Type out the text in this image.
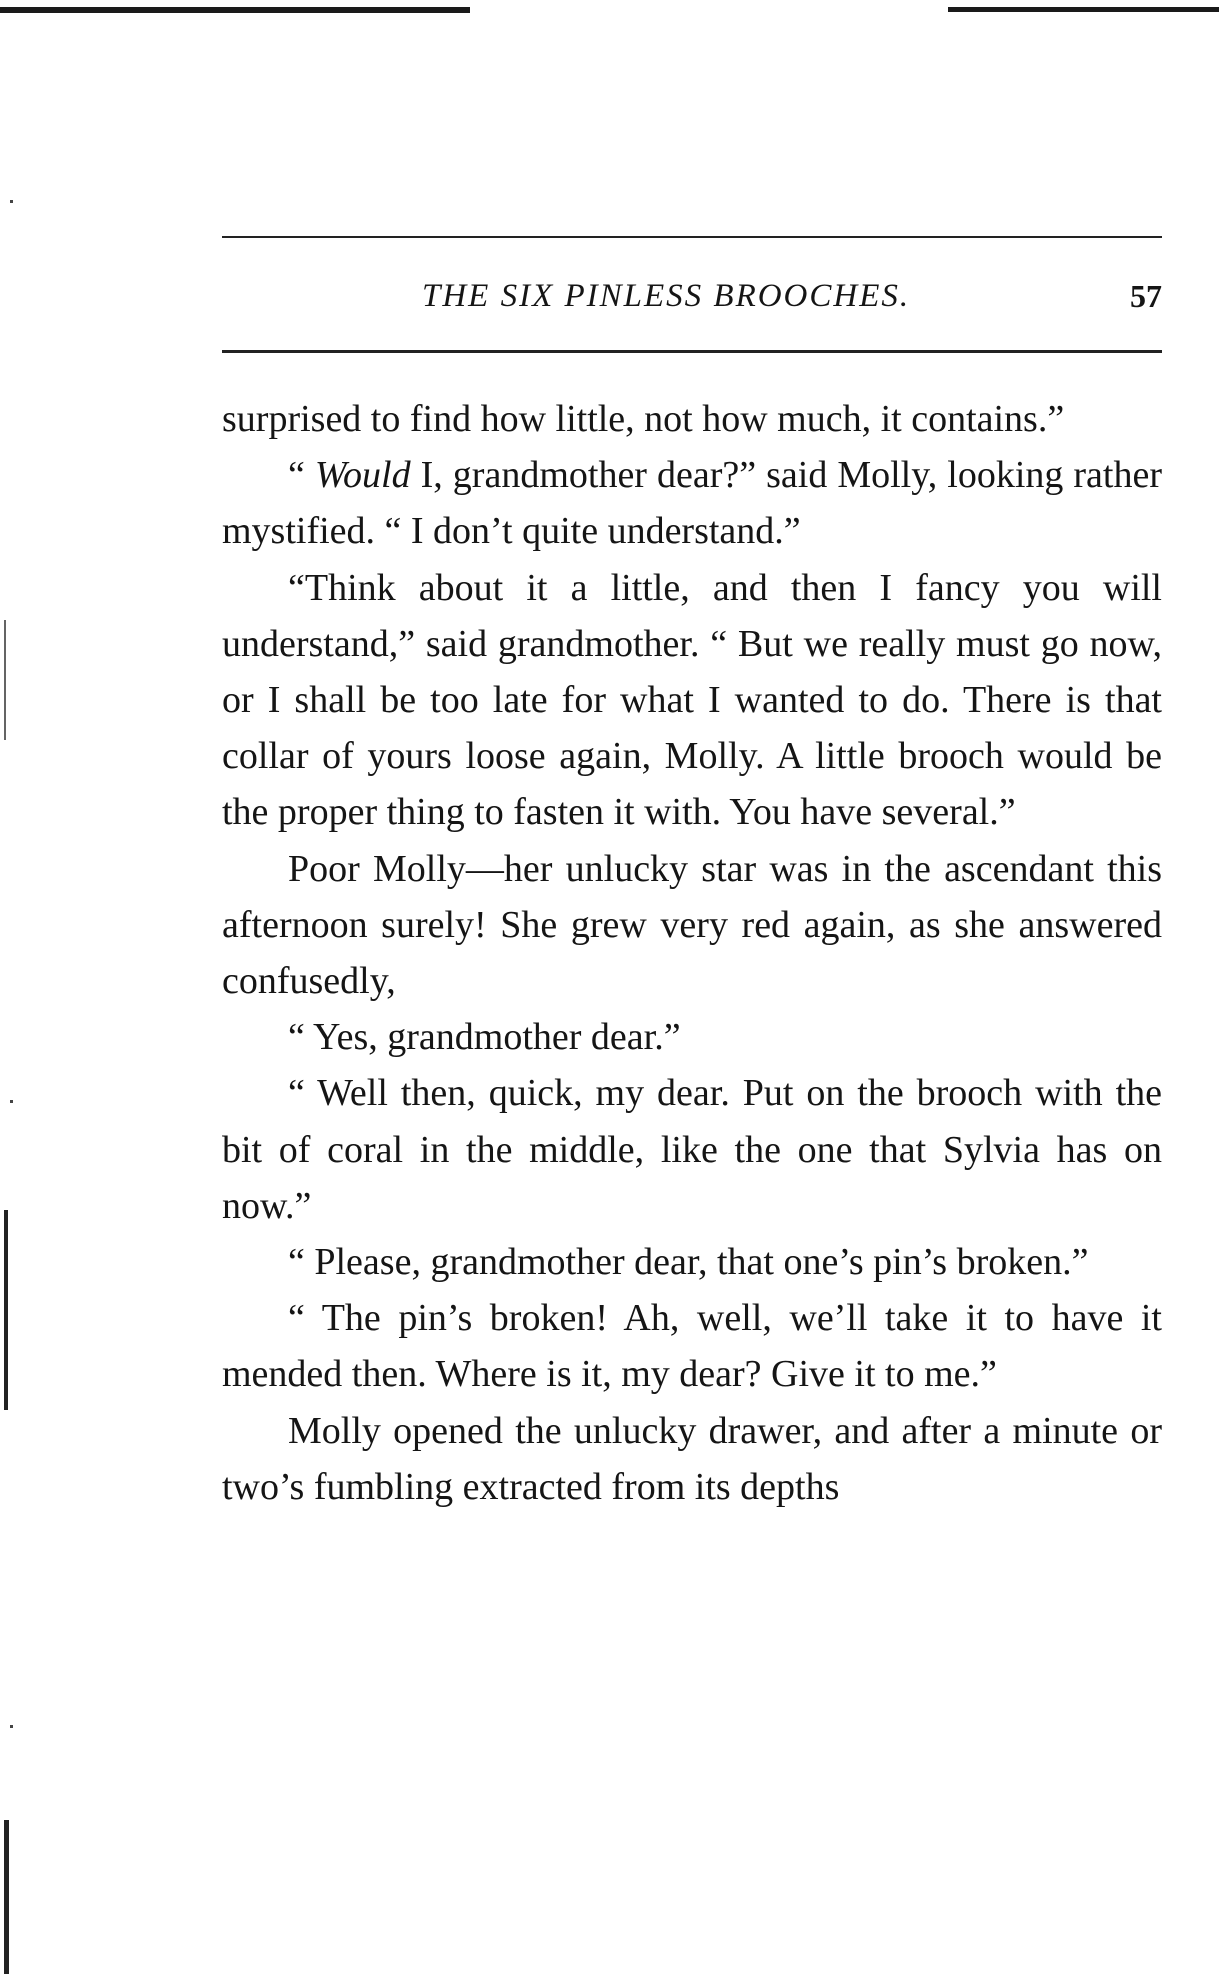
THE SIX PINLESS BROOCHES.	57

surprised to find how little, not how much, it contains.”

“ Would I, grandmother dear?” said Molly, looking rather mystified. “ I don’t quite understand.”

“Think about it a little, and then I fancy you will understand,” said grandmother. “ But we really must go now, or I shall be too late for what I wanted to do. There is that collar of yours loose again, Molly. A little brooch would be the proper thing to fasten it with. You have several.”

Poor Molly—her unlucky star was in the ascendant this afternoon surely! She grew very red again, as she answered confusedly,

“ Yes, grandmother dear.”

“ Well then, quick, my dear. Put on the brooch with the bit of coral in the middle, like the one that Sylvia has on now.”

“ Please, grandmother dear, that one’s pin’s broken.”

“ The pin’s broken! Ah, well, we’ll take it to have it mended then. Where is it, my dear? Give it to me.”

Molly opened the unlucky drawer, and after a minute or two’s fumbling extracted from its depths
